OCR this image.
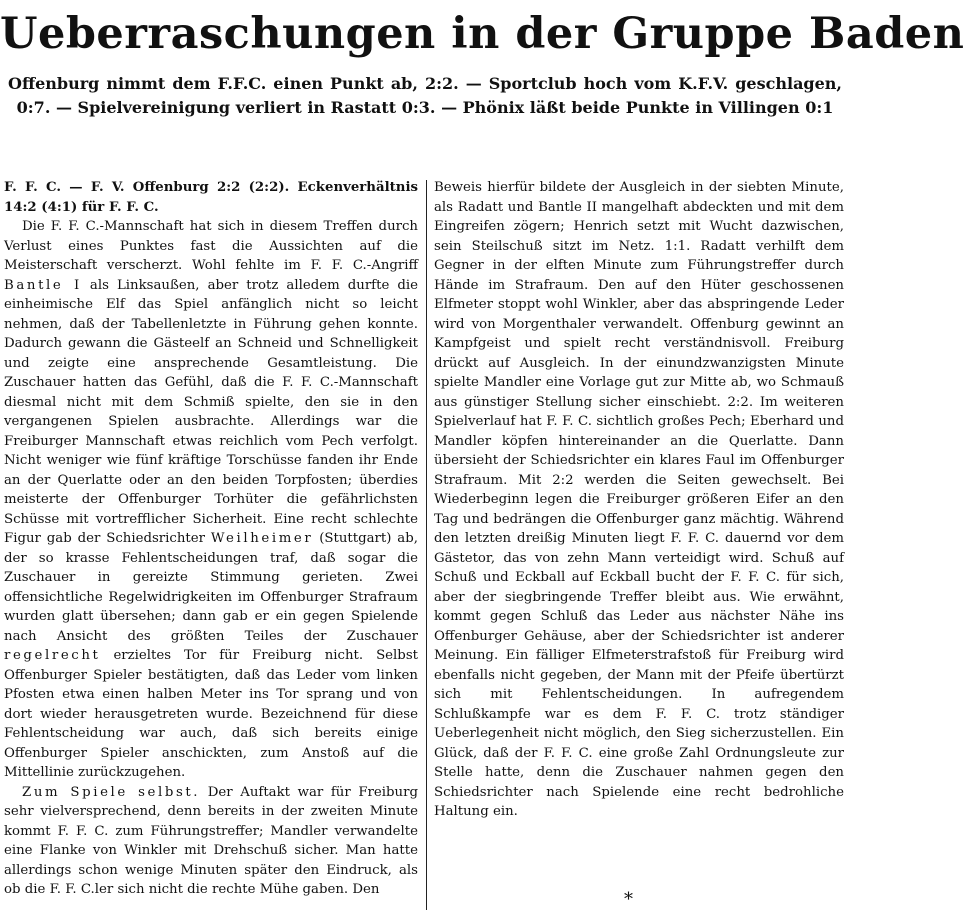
Ueberraschungen in der Gruppe Baden
Offenburg nimmt dem F.F.C. einen Punkt ab, 2:2. — Sportclub hoch vom K.F.V. geschlagen, 0:7. — Spielvereinigung verliert in Rastatt 0:3. — Phönix läßt beide Punkte in Villingen 0:1

F. F. C. — F. V. Offenburg 2:2 (2:2). Eckenverhältnis 14:2 (4:1) für F. F. C.

Die F. F. C.-Mannschaft hat sich in diesem Treffen durch Verlust eines Punktes fast die Aussichten auf die Meisterschaft verscherzt. Wohl fehlte im F. F. C.-Angriff Bantle I als Linksaußen, aber trotz alledem durfte die einheimische Elf das Spiel anfänglich nicht so leicht nehmen, daß der Tabellenletzte in Führung gehen konnte. Dadurch gewann die Gästeelf an Schneid und Schnelligkeit und zeigte eine ansprechende Gesamtleistung. Die Zuschauer hatten das Gefühl, daß die F. F. C.-Mannschaft diesmal nicht mit dem Schmiß spielte, den sie in den vergangenen Spielen ausbrachte. Allerdings war die Freiburger Mannschaft etwas reichlich vom Pech verfolgt. Nicht weniger wie fünf kräftige Torschüsse fanden ihr Ende an der Querlatte oder an den beiden Torpfosten; überdies meisterte der Offenburger Torhüter die gefährlichsten Schüsse mit vortrefflicher Sicherheit. Eine recht schlechte Figur gab der Schiedsrichter Weilheimer (Stuttgart) ab, der so krasse Fehlentscheidungen traf, daß sogar die Zuschauer in gereizte Stimmung gerieten. Zwei offensichtliche Regelwidrigkeiten im Offenburger Strafraum wurden glatt übersehen; dann gab er ein gegen Spielende nach Ansicht des größten Teiles der Zuschauer regelrecht erzieltes Tor für Freiburg nicht. Selbst Offenburger Spieler bestätigten, daß das Leder vom linken Pfosten etwa einen halben Meter ins Tor sprang und von dort wieder herausgetreten wurde. Bezeichnend für diese Fehlentscheidung war auch, daß sich bereits einige Offenburger Spieler anschickten, zum Anstoß auf die Mittellinie zurückzugehen.

Zum Spiele selbst. Der Auftakt war für Freiburg sehr vielversprechend, denn bereits in der zweiten Minute kommt F. F. C. zum Führungstreffer; Mandler verwandelte eine Flanke von Winkler mit Drehschuß sicher. Man hatte allerdings schon wenige Minuten später den Eindruck, als ob die F. F. C.ler sich nicht die rechte Mühe gaben. Den

Beweis hierfür bildete der Ausgleich in der siebten Minute, als Radatt und Bantle II mangelhaft abdeckten und mit dem Eingreifen zögern; Henrich setzt mit Wucht dazwischen, sein Steilschuß sitzt im Netz. 1:1. Radatt verhilft dem Gegner in der elften Minute zum Führungstreffer durch Hände im Strafraum. Den auf den Hüter geschossenen Elfmeter stoppt wohl Winkler, aber das abspringende Leder wird von Morgenthaler verwandelt. Offenburg gewinnt an Kampfgeist und spielt recht verständnisvoll. Freiburg drückt auf Ausgleich. In der einundzwanzigsten Minute spielte Mandler eine Vorlage gut zur Mitte ab, wo Schmauß aus günstiger Stellung sicher einschiebt. 2:2. Im weiteren Spielverlauf hat F. F. C. sichtlich großes Pech; Eberhard und Mandler köpfen hintereinander an die Querlatte. Dann übersieht der Schiedsrichter ein klares Faul im Offenburger Strafraum. Mit 2:2 werden die Seiten gewechselt. Bei Wiederbeginn legen die Freiburger größeren Eifer an den Tag und bedrängen die Offenburger ganz mächtig. Während den letzten dreißig Minuten liegt F. F. C. dauernd vor dem Gästetor, das von zehn Mann verteidigt wird. Schuß auf Schuß und Eckball auf Eckball bucht der F. F. C. für sich, aber der siegbringende Treffer bleibt aus. Wie erwähnt, kommt gegen Schluß das Leder aus nächster Nähe ins Offenburger Gehäuse, aber der Schiedsrichter ist anderer Meinung. Ein fälliger Elfmeterstrafstoß für Freiburg wird ebenfalls nicht gegeben, der Mann mit der Pfeife übertürzt sich mit Fehlentscheidungen. In aufregendem Schlußkampfe war es dem F. F. C. trotz ständiger Ueberlegenheit nicht möglich, den Sieg sicherzustellen. Ein Glück, daß der F. F. C. eine große Zahl Ordnungsleute zur Stelle hatte, denn die Zuschauer nahmen gegen den Schiedsrichter nach Spielende eine recht bedrohliche Haltung ein.

*
